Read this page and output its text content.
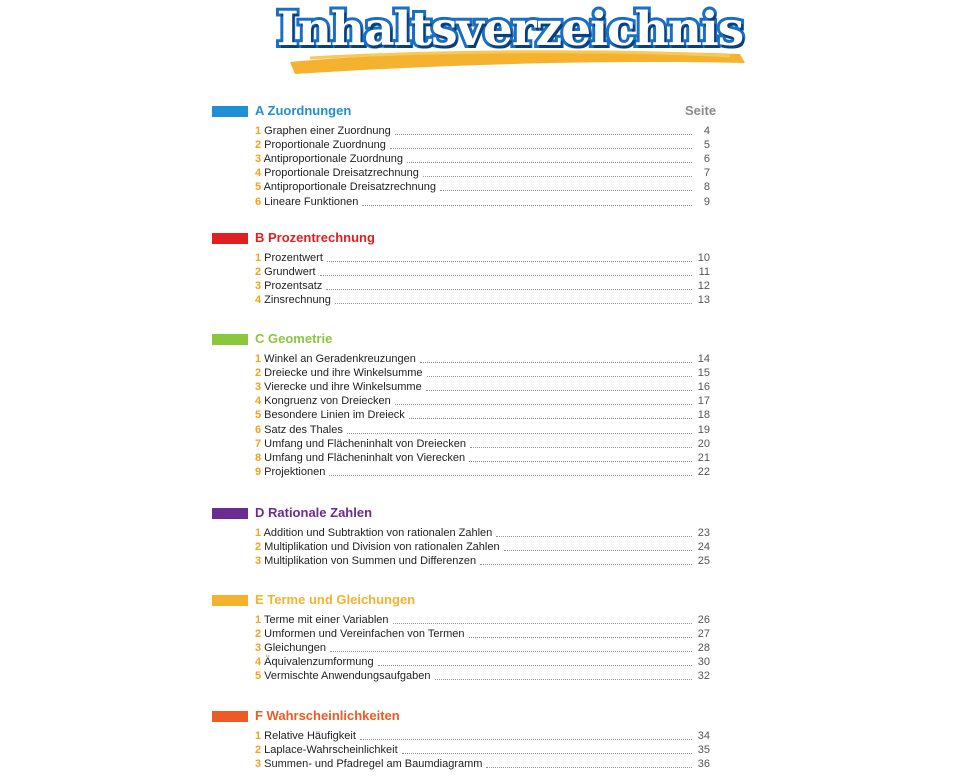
Inhaltsverzeichnis
A Zuordnungen	Seite
1 Graphen einer Zuordnung	4
2 Proportionale Zuordnung	5
3 Antiproportionale Zuordnung	6
4 Proportionale Dreisatzrechnung	7
5 Antiproportionale Dreisatzrechnung	8
6 Lineare Funktionen	9
B Prozentrechnung
1 Prozentwert	10
2 Grundwert	11
3 Prozentsatz	12
4 Zinsrechnung	13
C Geometrie
1 Winkel an Geradenkreuzungen	14
2 Dreiecke und ihre Winkelsumme	15
3 Vierecke und ihre Winkelsumme	16
4 Kongruenz von Dreiecken	17
5 Besondere Linien im Dreieck	18
6 Satz des Thales	19
7 Umfang und Flächeninhalt von Dreiecken	20
8 Umfang und Flächeninhalt von Vierecken	21
9 Projektionen	22
D Rationale Zahlen
1 Addition und Subtraktion von rationalen Zahlen	23
2 Multiplikation und Division von rationalen Zahlen	24
3 Multiplikation von Summen und Differenzen	25
E Terme und Gleichungen
1 Terme mit einer Variablen	26
2 Umformen und Vereinfachen von Termen	27
3 Gleichungen	28
4 Äquivalenzumformung	30
5 Vermischte Anwendungsaufgaben	32
F Wahrscheinlichkeiten
1 Relative Häufigkeit	34
2 Laplace-Wahrscheinlichkeit	35
3 Summen- und Pfadregel am Baumdiagramm	36
